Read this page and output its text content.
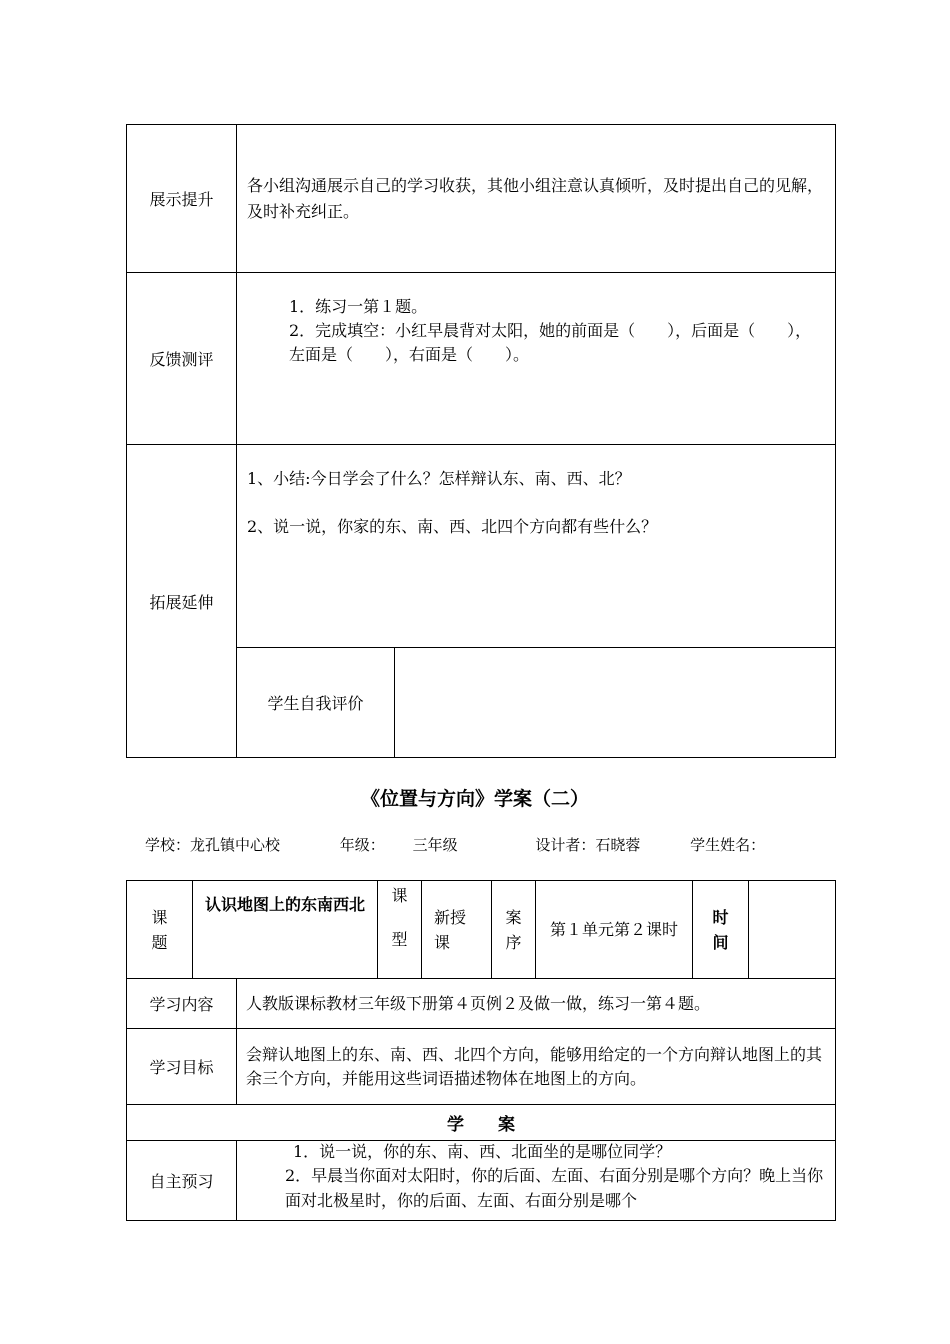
展示提升	各小组沟通展示自己的学习收获，其他小组注意认真倾听，及时提出自己的见解，及时补充纠正。	
反馈测评	1．练习一第１题。
2．完成填空：小红早晨背对太阳，她的前面是（　　），后面是（　　），左面是（　　），右面是（　　）。	

拓展延伸	1、小结:今日学会了什么？怎样辩认东、南、西、北？
2、说一说，你家的东、南、西、北四个方向都有些什么？	

	学生自我评价	
《位置与方向》学案（二）
学校：龙孔镇中心校	年级： 三年级	设计者：石晓蓉	学生姓名：
课
题	认识地图上的东南西北		课

型	新授
课	案
序	第１单元第２课时	时
间	
学习内容		人教版课标教材三年级下册第４页例２及做一做，练习一第４题。						
学习目标		会辩认地图上的东、南、西、北四个方向，能够用给定的一个方向辩认地图上的其余三个方向，并能用这些词语描述物体在地图上的方向。						
学　　案								
自主预习		1．说一说，你的东、南、西、北面坐的是哪位同学？
2．早晨当你面对太阳时，你的后面、左面、右面分别是哪个方向？晚上当你面对北极星时，你的后面、左面、右面分别是哪个						
